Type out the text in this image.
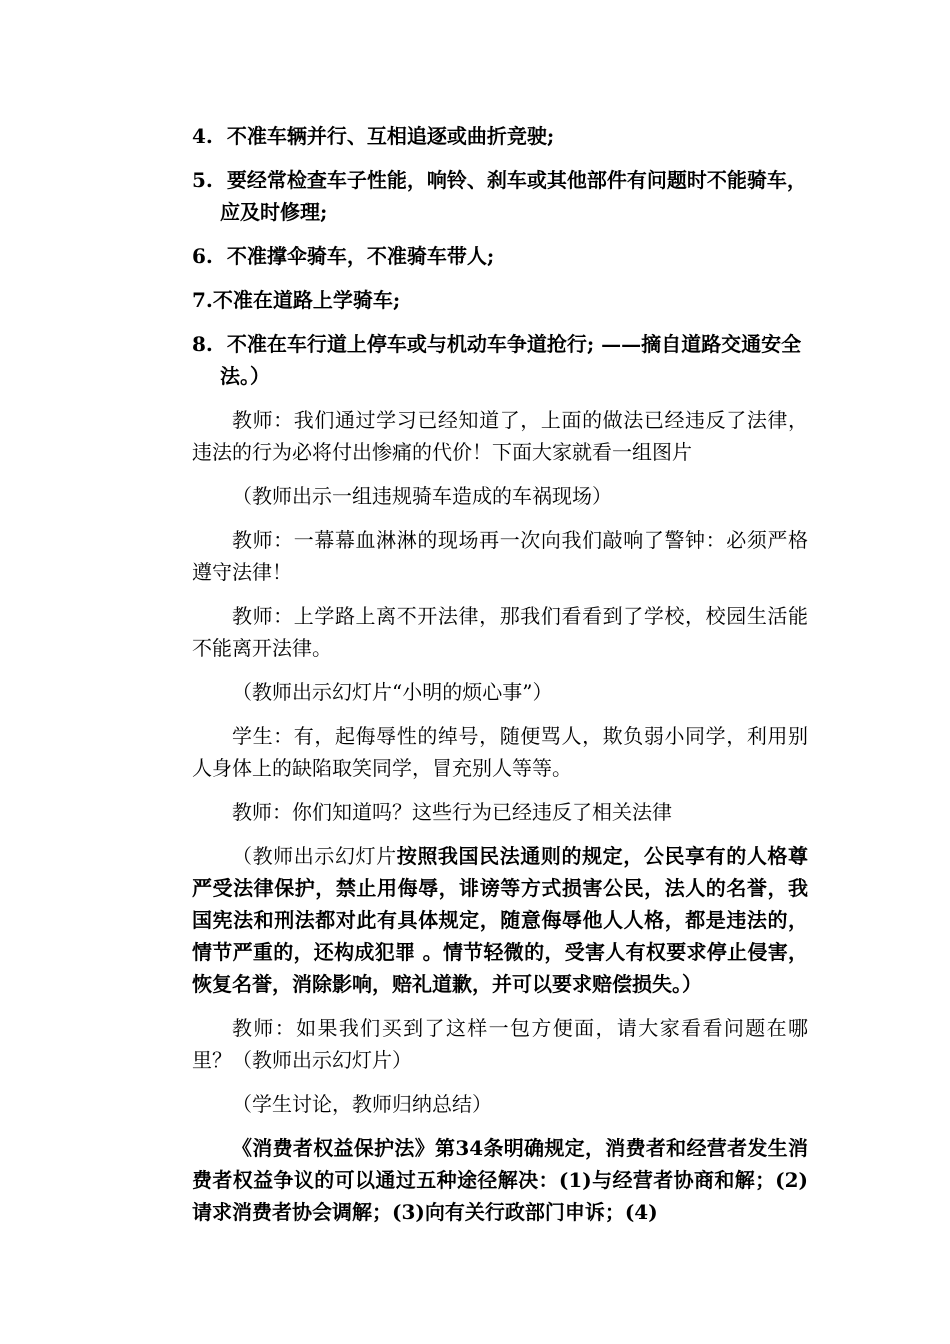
4. 不准车辆并行、互相追逐或曲折竞驶;

5. 要经常检查车子性能，响铃、刹车或其他部件有问题时不能骑车，应及时修理;

6. 不准撑伞骑车，不准骑车带人;

7.不准在道路上学骑车;

8. 不准在车行道上停车或与机动车争道抢行; ——摘自道路交通安全法。）

教师：我们通过学习已经知道了，上面的做法已经违反了法律，违法的行为必将付出惨痛的代价！下面大家就看一组图片

（教师出示一组违规骑车造成的车祸现场）

教师：一幕幕血淋淋的现场再一次向我们敲响了警钟：必须严格遵守法律！

教师：上学路上离不开法律，那我们看看到了学校，校园生活能不能离开法律。

（教师出示幻灯片“小明的烦心事”）

学生：有，起侮辱性的绰号，随便骂人，欺负弱小同学，利用别人身体上的缺陷取笑同学，冒充别人等等。

教师：你们知道吗？这些行为已经违反了相关法律

（教师出示幻灯片按照我国民法通则的规定，公民享有的人格尊严受法律保护，禁止用侮辱，诽谤等方式损害公民，法人的名誉，我国宪法和刑法都对此有具体规定，随意侮辱他人人格，都是违法的，情节严重的，还构成犯罪 。情节轻微的，受害人有权要求停止侵害，恢复名誉，消除影响，赔礼道歉，并可以要求赔偿损失。）

教师：如果我们买到了这样一包方便面，请大家看看问题在哪里？（教师出示幻灯片）

（学生讨论，教师归纳总结）

《消费者权益保护法》第34条明确规定，消费者和经营者发生消费者权益争议的可以通过五种途径解决：(1)与经营者协商和解；(2)请求消费者协会调解；(3)向有关行政部门申诉；(4)
